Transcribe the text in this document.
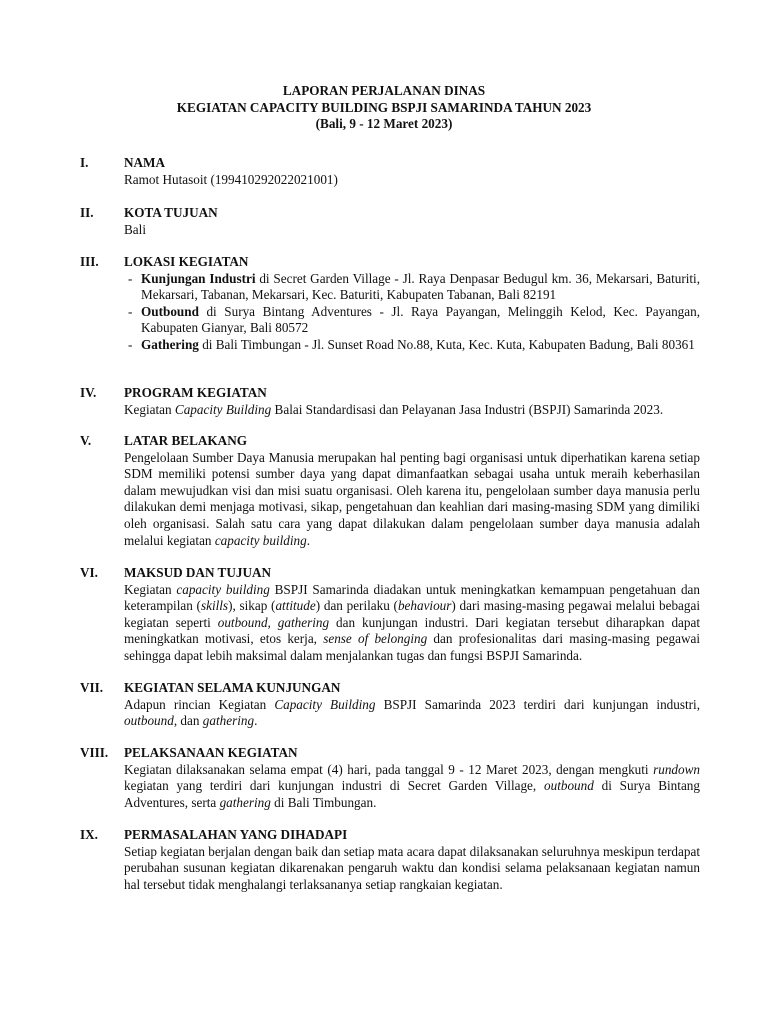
LAPORAN PERJALANAN DINAS
KEGIATAN CAPACITY BUILDING BSPJI SAMARINDA TAHUN 2023
(Bali, 9 - 12 Maret 2023)
I.	NAMA

Ramot Hutasoit (199410292022021001)

II. KOTA TUJUAN

Bali

III. LOKASI KEGIATAN
- Kunjungan Industri di Secret Garden Village - Jl. Raya Denpasar Bedugul km. 36, Mekarsari, Baturiti, Mekarsari, Tabanan, Mekarsari, Kec. Baturiti, Kabupaten Tabanan, Bali 82191
- Outbound di Surya Bintang Adventures - Jl. Raya Payangan, Melinggih Kelod, Kec. Payangan, Kabupaten Gianyar, Bali 80572
- Gathering di Bali Timbungan - Jl. Sunset Road No.88, Kuta, Kec. Kuta, Kabupaten Badung, Bali 80361
IV. PROGRAM KEGIATAN

Kegiatan Capacity Building Balai Standardisasi dan Pelayanan Jasa Industri (BSPJI) Samarinda 2023.

V. LATAR BELAKANG

Pengelolaan Sumber Daya Manusia merupakan hal penting bagi organisasi untuk diperhatikan karena setiap SDM memiliki potensi sumber daya yang dapat dimanfaatkan sebagai usaha untuk meraih keberhasilan dalam mewujudkan visi dan misi suatu organisasi. Oleh karena itu, pengelolaan sumber daya manusia perlu dilakukan demi menjaga motivasi, sikap, pengetahuan dan keahlian dari masing-masing SDM yang dimiliki oleh organisasi. Salah satu cara yang dapat dilakukan dalam pengelolaan sumber daya manusia adalah melalui kegiatan capacity building.

VI. MAKSUD DAN TUJUAN

Kegiatan capacity building BSPJI Samarinda diadakan untuk meningkatkan kemampuan pengetahuan dan keterampilan (skills), sikap (attitude) dan perilaku (behaviour) dari masing-masing pegawai melalui bebagai kegiatan seperti outbound, gathering dan kunjungan industri. Dari kegiatan tersebut diharapkan dapat meningkatkan motivasi, etos kerja, sense of belonging dan profesionalitas dari masing-masing pegawai sehingga dapat lebih maksimal dalam menjalankan tugas dan fungsi BSPJI Samarinda.

VII. KEGIATAN SELAMA KUNJUNGAN

Adapun rincian Kegiatan Capacity Building BSPJI Samarinda 2023 terdiri dari kunjungan industri, outbound, dan gathering.

VIII. PELAKSANAAN KEGIATAN

Kegiatan dilaksanakan selama empat (4) hari, pada tanggal 9 - 12 Maret 2023, dengan mengkuti rundown kegiatan yang terdiri dari kunjungan industri di Secret Garden Village, outbound di Surya Bintang Adventures, serta gathering di Bali Timbungan.

IX. PERMASALAHAN YANG DIHADAPI

Setiap kegiatan berjalan dengan baik dan setiap mata acara dapat dilaksanakan seluruhnya meskipun terdapat perubahan susunan kegiatan dikarenakan pengaruh waktu dan kondisi selama pelaksanaan kegiatan namun hal tersebut tidak menghalangi terlaksananya setiap rangkaian kegiatan.
